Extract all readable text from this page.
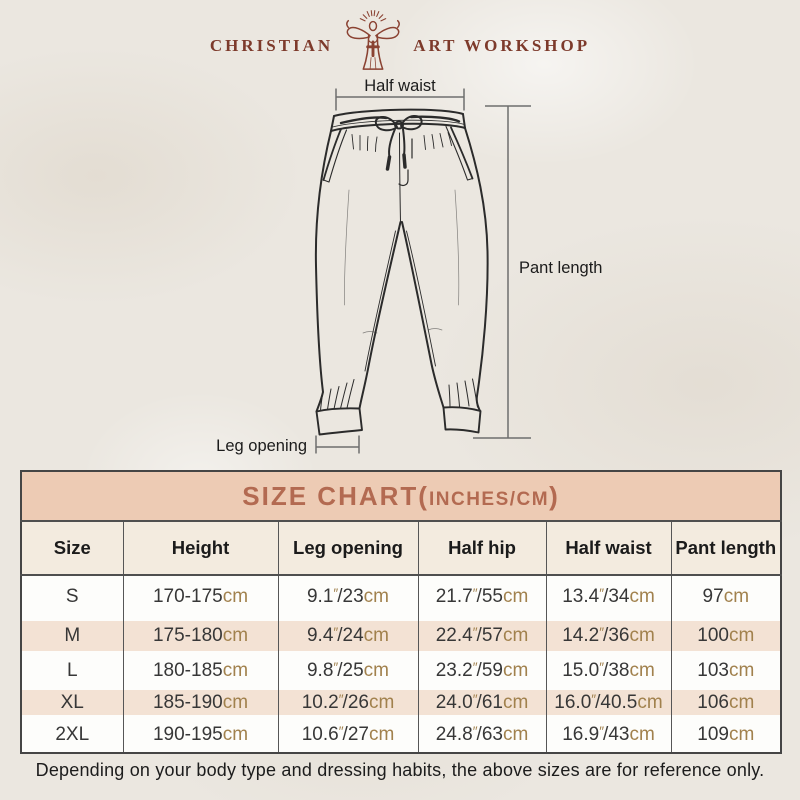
CHRISTIAN	ART WORKSHOP
Half waist
Pant length
Leg opening
SIZE CHART(INCHES/CM)					
Size	Height	Leg opening	Half hip	Half waist	Pant length
S	170-175cm	9.1″/23cm	21.7″/55cm	13.4″/34cm	97cm
M	175-180cm	9.4″/24cm	22.4″/57cm	14.2″/36cm	100cm
L	180-185cm	9.8″/25cm	23.2″/59cm	15.0″/38cm	103cm
XL	185-190cm	10.2″/26cm	24.0″/61cm	16.0″/40.5cm	106cm
2XL	190-195cm	10.6″/27cm	24.8″/63cm	16.9″/43cm	109cm
Depending on your body type and dressing habits, the above sizes are for reference only.
